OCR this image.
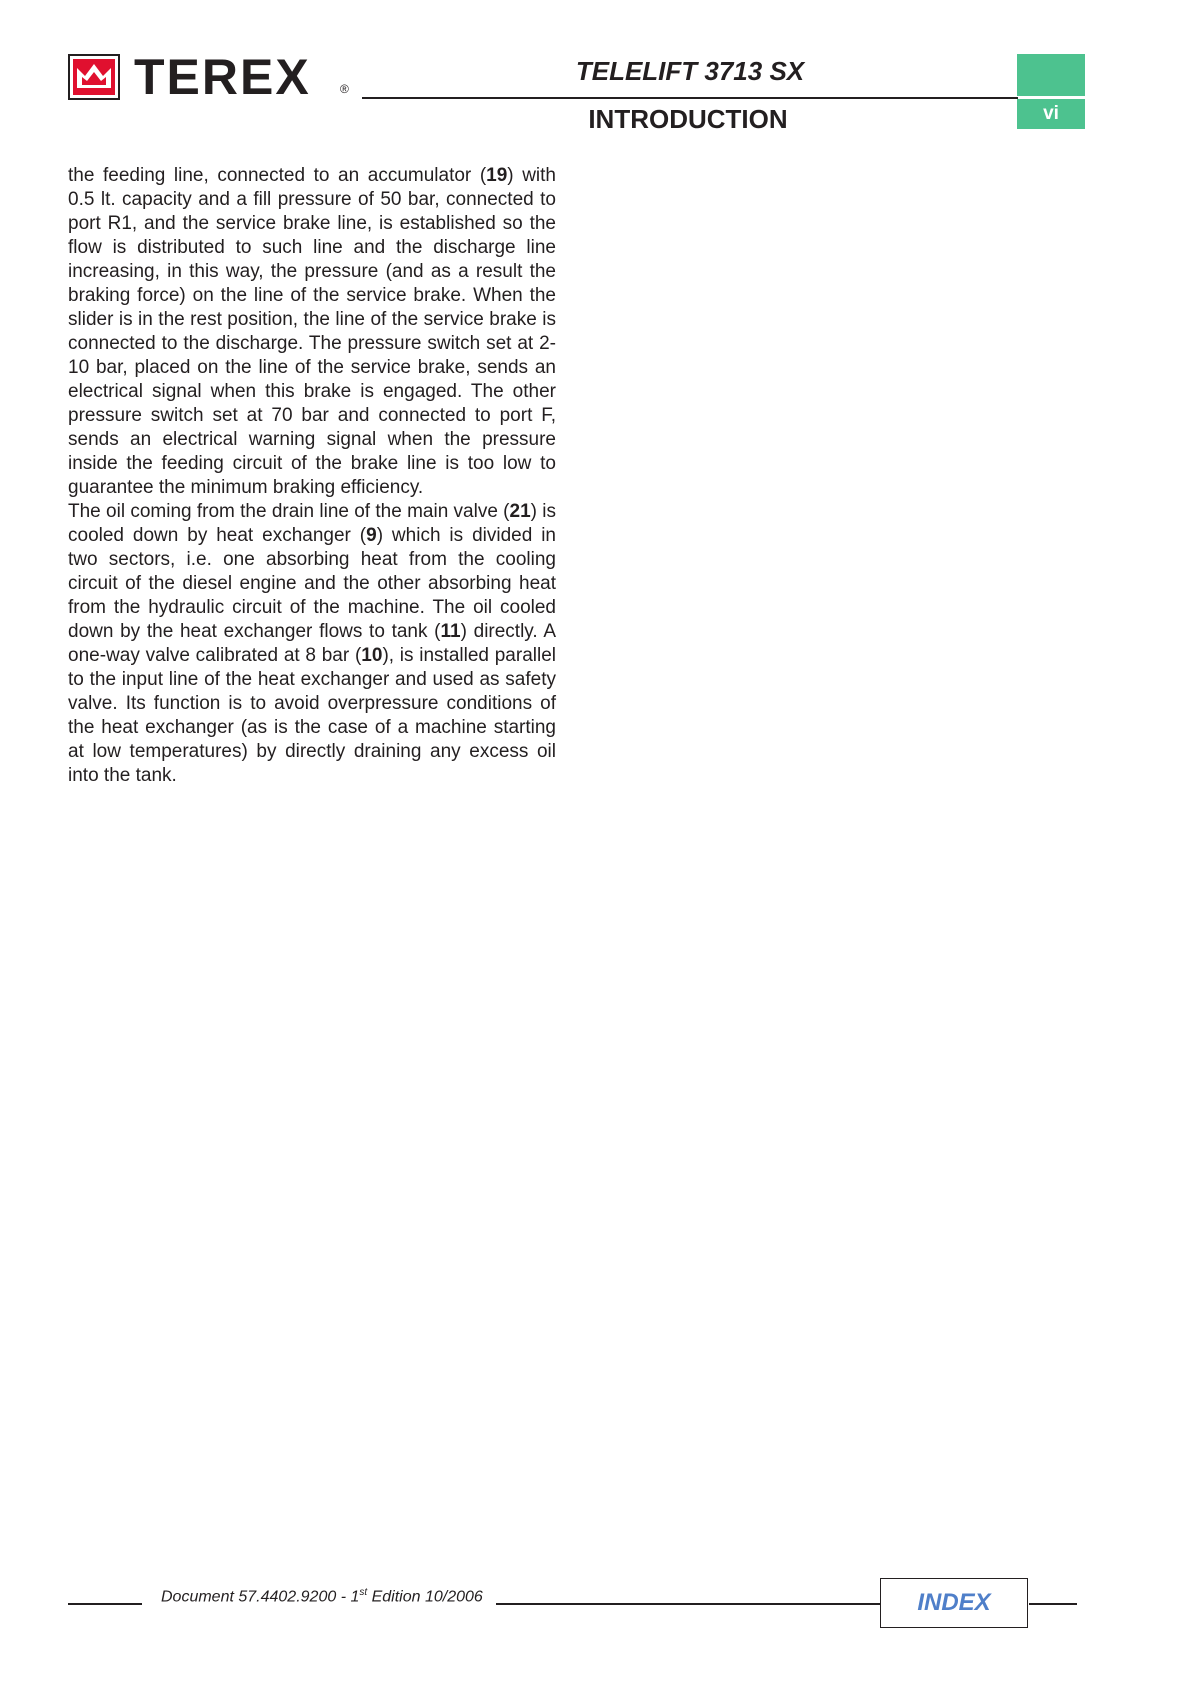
TEREX ®
TELELIFT 3713 SX
INTRODUCTION	vi

the feeding line, connected to an accumulator (19) with 0.5 lt. capacity and a fill pressure of 50 bar, connected to port R1, and the service brake line, is established so the flow is distributed to such line and the discharge line increasing, in this way, the pressure (and as a result the braking force) on the line of the service brake. When the slider is in the rest position, the line of the service brake is connected to the discharge. The pressure switch set at 2-10 bar, placed on the line of the service brake, sends an electrical signal when this brake is engaged. The other pressure switch set at 70 bar and connected to port F, sends an electrical warning signal when the pressure inside the feeding circuit of the brake line is too low to guarantee the minimum braking efficiency.

The oil coming from the drain line of the main valve (21) is cooled down by heat exchanger (9) which is divided in two sectors, i.e. one absorbing heat from the cooling circuit of the diesel engine and the other absorbing heat from the hydraulic circuit of the machine. The oil cooled down by the heat exchanger flows to tank (11) directly. A one-way valve calibrated at 8 bar (10), is installed parallel to the input line of the heat exchanger and used as safety valve. Its function is to avoid overpressure conditions of the heat exchanger (as is the case of a machine starting at low temperatures) by directly draining any excess oil into the tank.

Document 57.4402.9200 - 1st Edition 10/2006	INDEX
